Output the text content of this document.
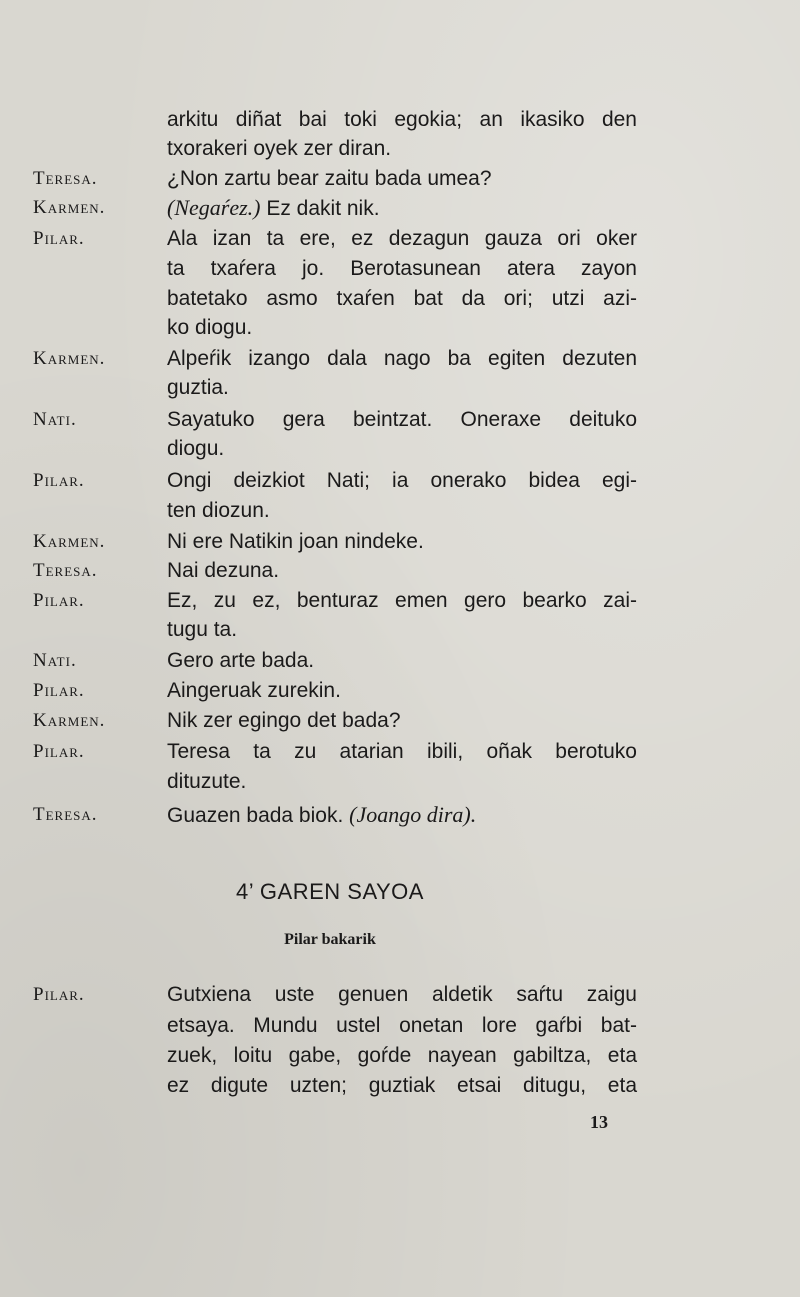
arkitu diñat bai toki egokia; an ikasiko den
txorakeri oyek zer diran.
Teresa.	¿Non zartu bear zaitu bada umea?
Karmen.	(Negaŕez.) Ez dakit nik.
Pilar.	Ala izan ta ere, ez dezagun gauza ori oker
ta txaŕera jo. Berotasunean atera zayon
batetako asmo txaŕen bat da ori; utzi azi-
ko diogu.
Karmen.	Alpeŕik izango dala nago ba egiten dezuten
guztia.
Nati.	Sayatuko gera beintzat. Oneraxe deituko
diogu.
Pilar.	Ongi deizkiot Nati; ia onerako bidea egi-
ten diozun.
Karmen.	Ni ere Natikin joan nindeke.
Teresa.	Nai dezuna.
Pilar.	Ez, zu ez, benturaz emen gero bearko zai-
tugu ta.
Nati.	Gero arte bada.
Pilar.	Aingeruak zurekin.
Karmen.	Nik zer egingo det bada?
Pilar.	Teresa ta zu atarian ibili, oñak berotuko
dituzute.
Teresa.	Guazen bada biok. (Joango dira).
4’ GAREN SAYOA
Pilar bakarik
Pilar.	Gutxiena uste genuen aldetik saŕtu zaigu
etsaya. Mundu ustel onetan lore gaŕbi bat-
zuek, loitu gabe, goŕde nayean gabiltza, eta
ez digute uzten; guztiak etsai ditugu, eta
13
